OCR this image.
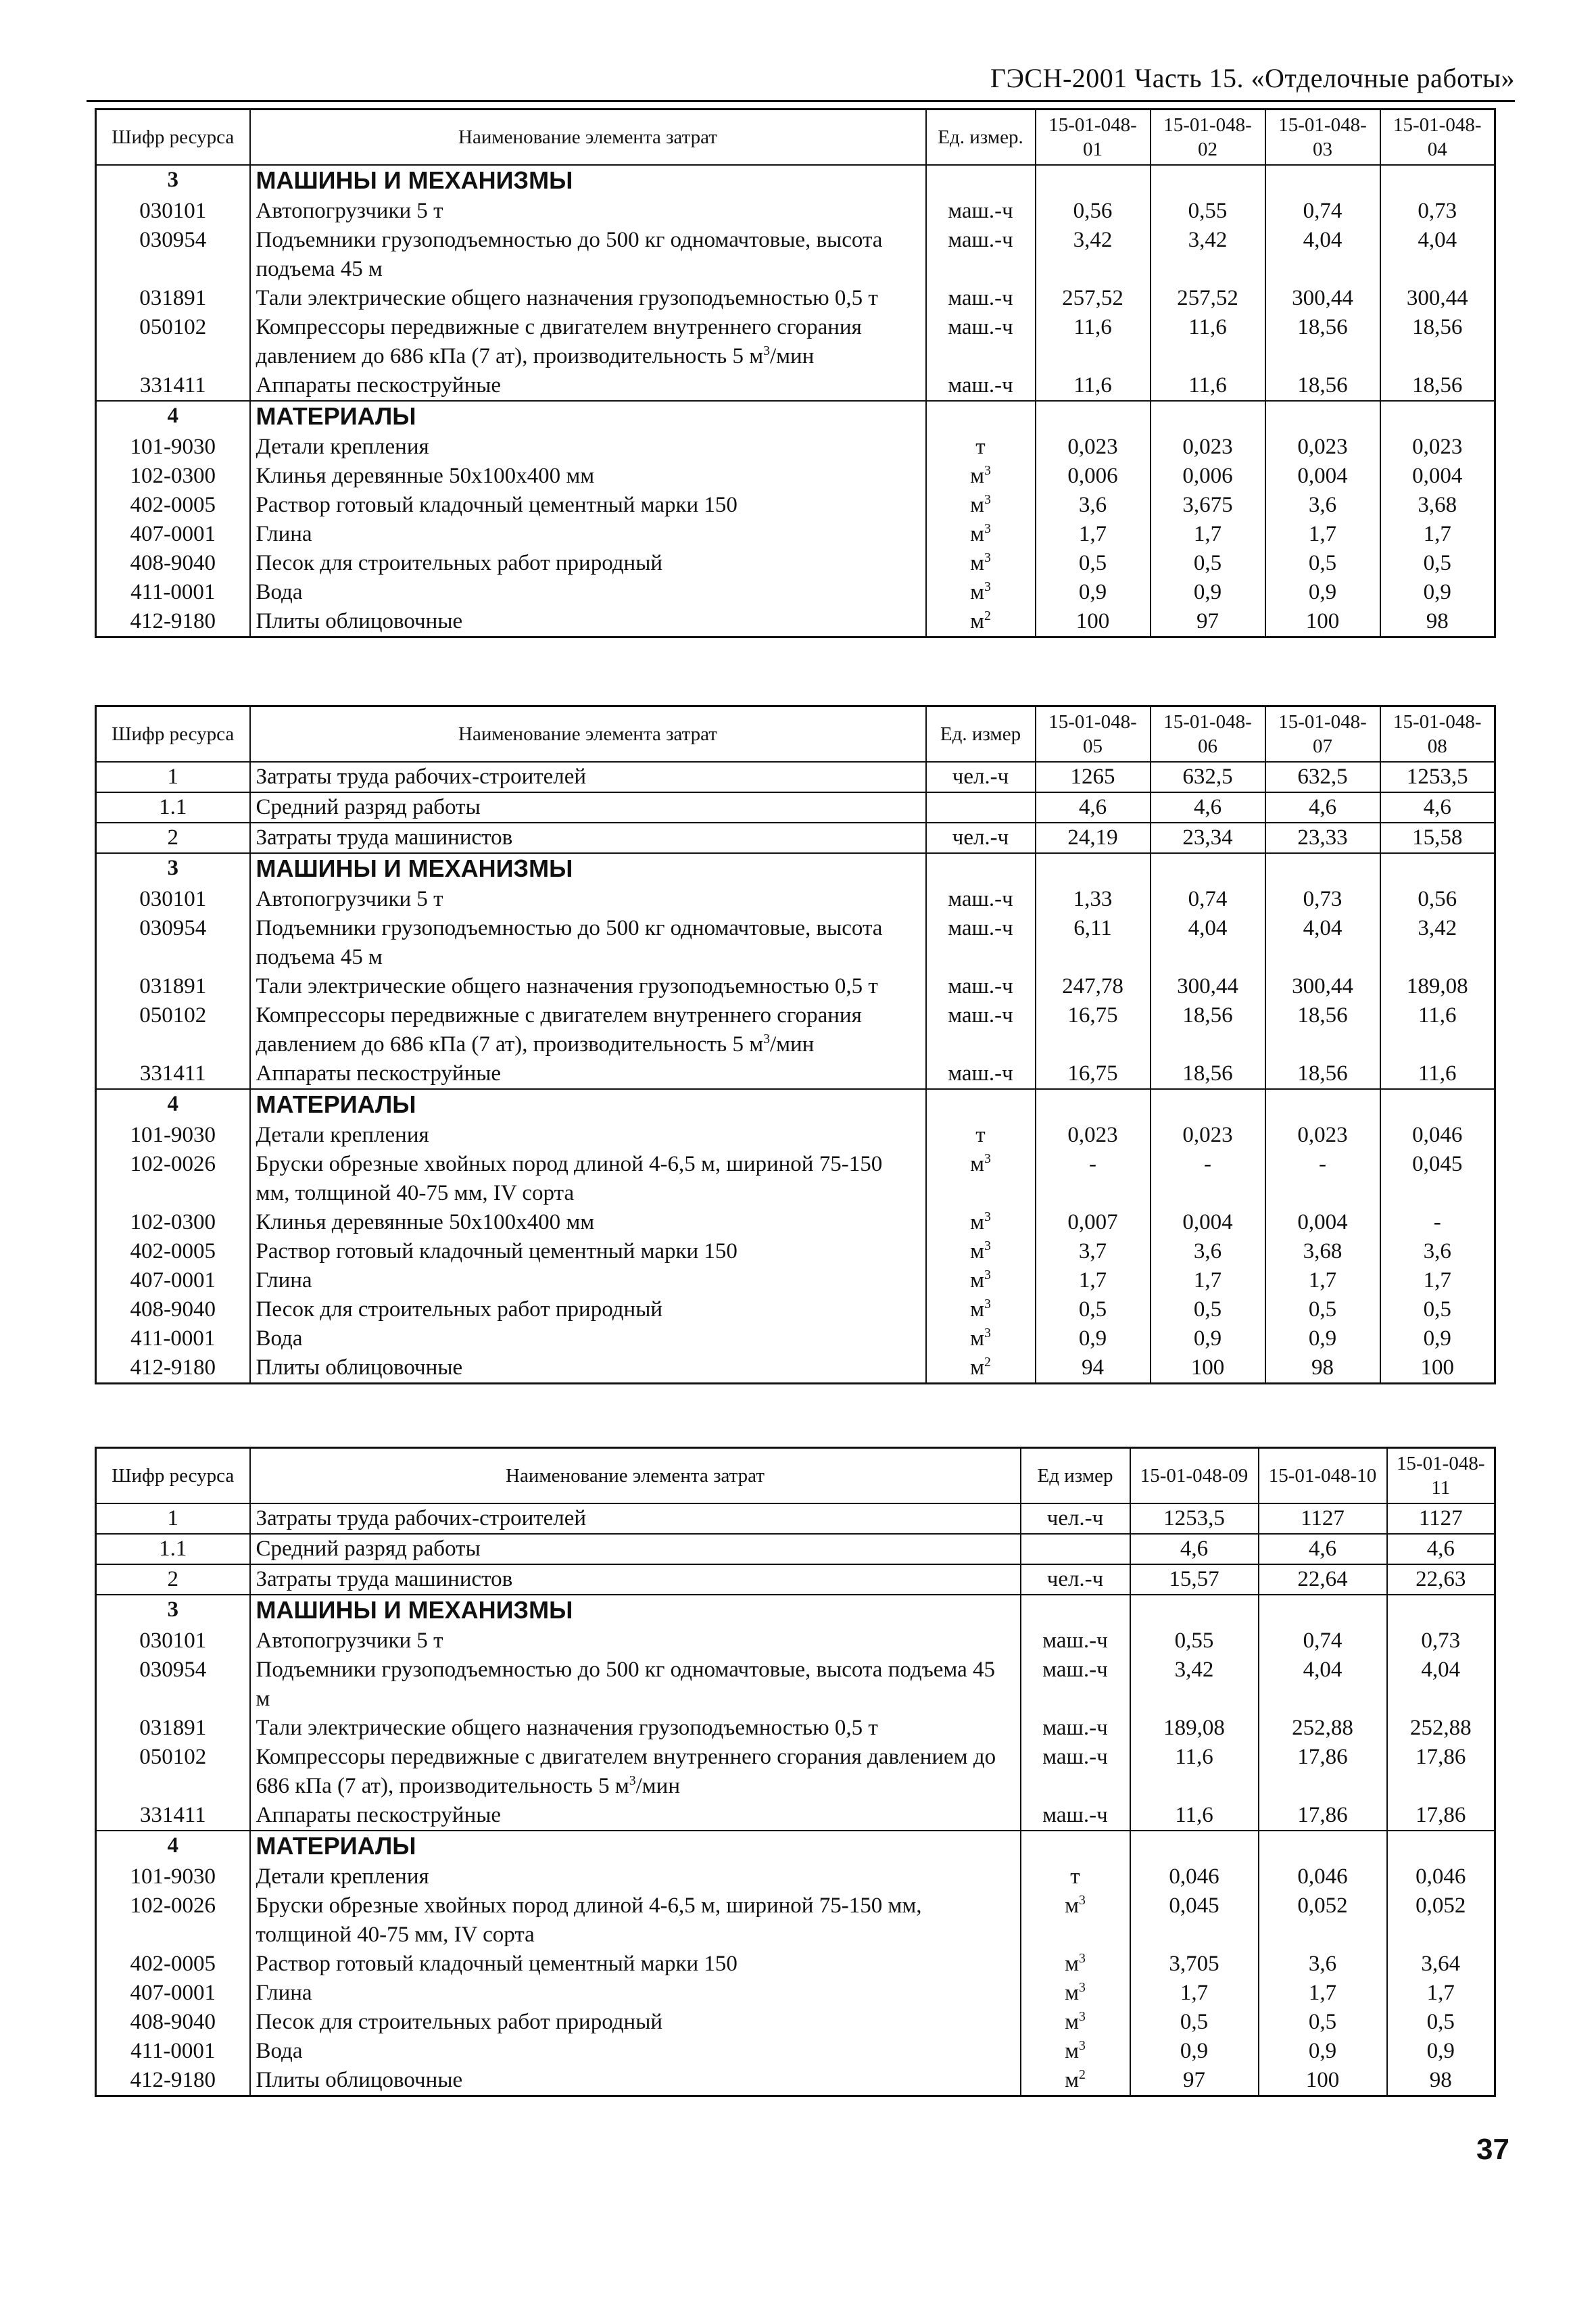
ГЭСН-2001 Часть 15. «Отделочные работы»
Шифр ресурса	Наименование элемента затрат	Ед. измер.	15-01-048-01	15-01-048-02	15-01-048-03	15-01-048-04
3	МАШИНЫ И МЕХАНИЗМЫ					
030101	Автопогрузчики 5 т	маш.-ч	0,56	0,55	0,74	0,73
030954	Подъемники грузоподъемностью до 500 кг одномачтовые, высота подъема 45 м	маш.-ч	3,42	3,42	4,04	4,04
031891	Тали электрические общего назначения грузоподъемностью 0,5 т	маш.-ч	257,52	257,52	300,44	300,44
050102	Компрессоры передвижные с двигателем внутреннего сгорания давлением до 686 кПа (7 ат), производительность 5 $м^3$/мин	маш.-ч	11,6	11,6	18,56	18,56
331411	Аппараты пескоструйные	маш.-ч	11,6	11,6	18,56	18,56
4	МАТЕРИАЛЫ					
101-9030	Детали крепления	т	0,023	0,023	0,023	0,023
102-0300	Клинья деревянные 50x100x400 мм	$м^3$	0,006	0,006	0,004	0,004
402-0005	Раствор готовый кладочный цементный марки 150	$м^3$	3,6	3,675	3,6	3,68
407-0001	Глина	$м^3$	1,7	1,7	1,7	1,7
408-9040	Песок для строительных работ природный	$м^3$	0,5	0,5	0,5	0,5
411-0001	Вода	$м^3$	0,9	0,9	0,9	0,9
412-9180	Плиты облицовочные	$м^2$	100	97	100	98
Шифр ресурса	Наименование элемента затрат	Ед. измер	15-01-048-05	15-01-048-06	15-01-048-07	15-01-048-08
1	Затраты труда рабочих-строителей	чел.-ч	1265	632,5	632,5	1253,5
1.1	Средний разряд работы		4,6	4,6	4,6	4,6
2	Затраты труда машинистов	чел.-ч	24,19	23,34	23,33	15,58
3	МАШИНЫ И МЕХАНИЗМЫ					
030101	Автопогрузчики 5 т	маш.-ч	1,33	0,74	0,73	0,56
030954	Подъемники грузоподъемностью до 500 кг одномачтовые, высота подъема 45 м	маш.-ч	6,11	4,04	4,04	3,42
031891	Тали электрические общего назначения грузоподъемностью 0,5 т	маш.-ч	247,78	300,44	300,44	189,08
050102	Компрессоры передвижные с двигателем внутреннего сгорания давлением до 686 кПа (7 ат), производительность 5 $м^3$/мин	маш.-ч	16,75	18,56	18,56	11,6
331411	Аппараты пескоструйные	маш.-ч	16,75	18,56	18,56	11,6
4	МАТЕРИАЛЫ					
101-9030	Детали крепления	т	0,023	0,023	0,023	0,046
102-0026	Бруски обрезные хвойных пород длиной 4-6,5 м, шириной 75-150 мм, толщиной 40-75 мм, IV сорта	$м^3$	-	-	-	0,045
102-0300	Клинья деревянные 50x100x400 мм	$м^3$	0,007	0,004	0,004	-
402-0005	Раствор готовый кладочный цементный марки 150	$м^3$	3,7	3,6	3,68	3,6
407-0001	Глина	$м^3$	1,7	1,7	1,7	1,7
408-9040	Песок для строительных работ природный	$м^3$	0,5	0,5	0,5	0,5
411-0001	Вода	$м^3$	0,9	0,9	0,9	0,9
412-9180	Плиты облицовочные	$м^2$	94	100	98	100
Шифр ресурса	Наименование элемента затрат	Ед измер	15-01-048-09	15-01-048-10	15-01-048-11
1	Затраты труда рабочих-строителей	чел.-ч	1253,5	1127	1127
1.1	Средний разряд работы		4,6	4,6	4,6
2	Затраты труда машинистов	чел.-ч	15,57	22,64	22,63
3	МАШИНЫ И МЕХАНИЗМЫ				
030101	Автопогрузчики 5 т	маш.-ч	0,55	0,74	0,73
030954	Подъемники грузоподъемностью до 500 кг одномачтовые, высота подъема 45 м	маш.-ч	3,42	4,04	4,04
031891	Тали электрические общего назначения грузоподъемностью 0,5 т	маш.-ч	189,08	252,88	252,88
050102	Компрессоры передвижные с двигателем внутреннего сгорания давлением до 686 кПа (7 ат), производительность 5 $м^3$/мин	маш.-ч	11,6	17,86	17,86
331411	Аппараты пескоструйные	маш.-ч	11,6	17,86	17,86
4	МАТЕРИАЛЫ				
101-9030	Детали крепления	т	0,046	0,046	0,046
102-0026	Бруски обрезные хвойных пород длиной 4-6,5 м, шириной 75-150 мм, толщиной 40-75 мм, IV сорта	$м^3$	0,045	0,052	0,052
402-0005	Раствор готовый кладочный цементный марки 150	$м^3$	3,705	3,6	3,64
407-0001	Глина	$м^3$	1,7	1,7	1,7
408-9040	Песок для строительных работ природный	$м^3$	0,5	0,5	0,5
411-0001	Вода	$м^3$	0,9	0,9	0,9
412-9180	Плиты облицовочные	$м^2$	97	100	98
37
